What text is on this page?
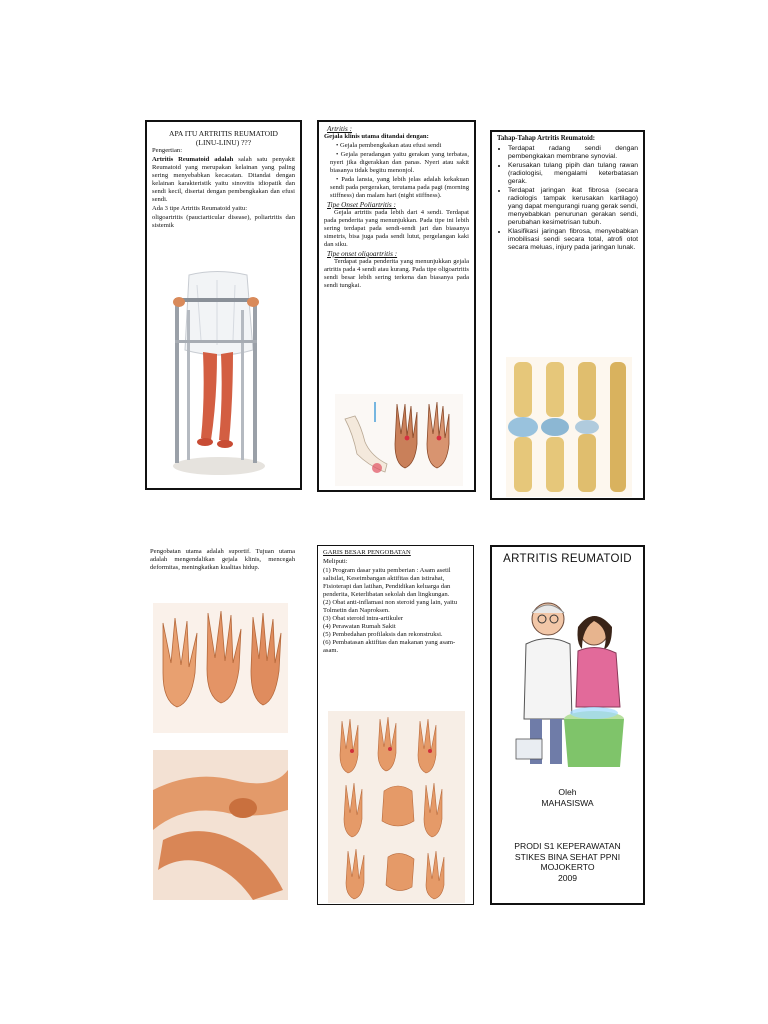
APA ITU ARTRITIS REUMATOID
(LINU-LINU) ???

Pengertian:

Artritis Reumatoid adalah salah satu penyakit Reumatoid yang merupakan kelainan yang paling sering menyebabkan kecacatan. Ditandai dengan kelainan karakteristik yaitu sinovitis idiopatik dan sendi kecil, disertai dengan pembengkakan dan efusi sendi.

Ada 3 tipe Artritis Reumatoid yaitu:

oligoartritis (pauciarticular disease), poliartritis dan sistemik

Artritis :

Gejala klinis utama ditandai dengan:

• Gejala pembengkakan atau efusi sendi
• Gejala peradangan yaitu gerakan yang terbatas, nyeri jika digerakkan dan panas. Nyeri atau sakit biasanya tidak begitu menonjol.
• Pada lansia, yang lebih jelas adalah kekakuan sendi pada pergerakan, terutama pada pagi (morning stiffness) dan malam hari (night stiffness).
Tipe Onset Poliartritis :

Gejala artritis pada lebih dari 4 sendi. Terdapat pada penderita yang menunjukkan. Pada tipe ini lebih sering terdapat pada sendi-sendi jari dan biasanya simetris, bisa juga pada sendi lutut, pergelangan kaki dan siku.

Tipe onset oligoartritis :

Terdapat pada penderita yang menunjukkan gejala artritis pada 4 sendi atau kurang. Pada tipe oligoartritis sendi besar lebih sering terkena dan biasanya pada sendi tungkai.

Tahap-Tahap Artritis Reumatoid:

• Terdapat radang sendi dengan pembengkakan membrane synovial.
• Kerusakan tulang pipih dan tulang rawan (radiologisi, mengalami keterbatasan gerak.
• Terdapat jaringan ikat fibrosa (secara radiologis tampak kerusakan kartilago) yang dapat mengurangi ruang gerak sendi, menyebabkan penurunan gerakan sendi, perubahan kesimetrisan tubuh.
• Klasifikasi jaringan fibrosa, menyebabkan imobilisasi sendi secara total, atrofi otot secara meluas, injury pada jaringan lunak.

Pengobatan utama adalah suportif. Tujuan utama adalah mengendalikan gejala klinis, mencegah deformitas, meningkatkan kualitas hidup.

GARIS BESAR PENGOBATAN

Meliputi:

(1) Program dasar yaitu pemberian : Asam asetil salisilat, Keseimbangan aktifitas dan istirahat, Fisioterapi dan latihan, Pendidikan keluarga dan penderita, Keterlibatan sekolah dan lingkungan.
(2) Obat anti-inflamasi non steroid yang lain, yaitu Tolmetin dan Naproksen.
(3) Obat steroid intra-artikuler
(4) Perawatan Rumah Sakit
(5) Pembedahan profilaksis dan rekonstruksi.
(6) Pembatasan aktifitas dan makanan yang asam-asam.
ARTRITIS REUMATOID
Oleh
MAHASISWA
PRODI S1 KEPERAWATAN
STIKES BINA SEHAT PPNI
MOJOKERTO
2009
